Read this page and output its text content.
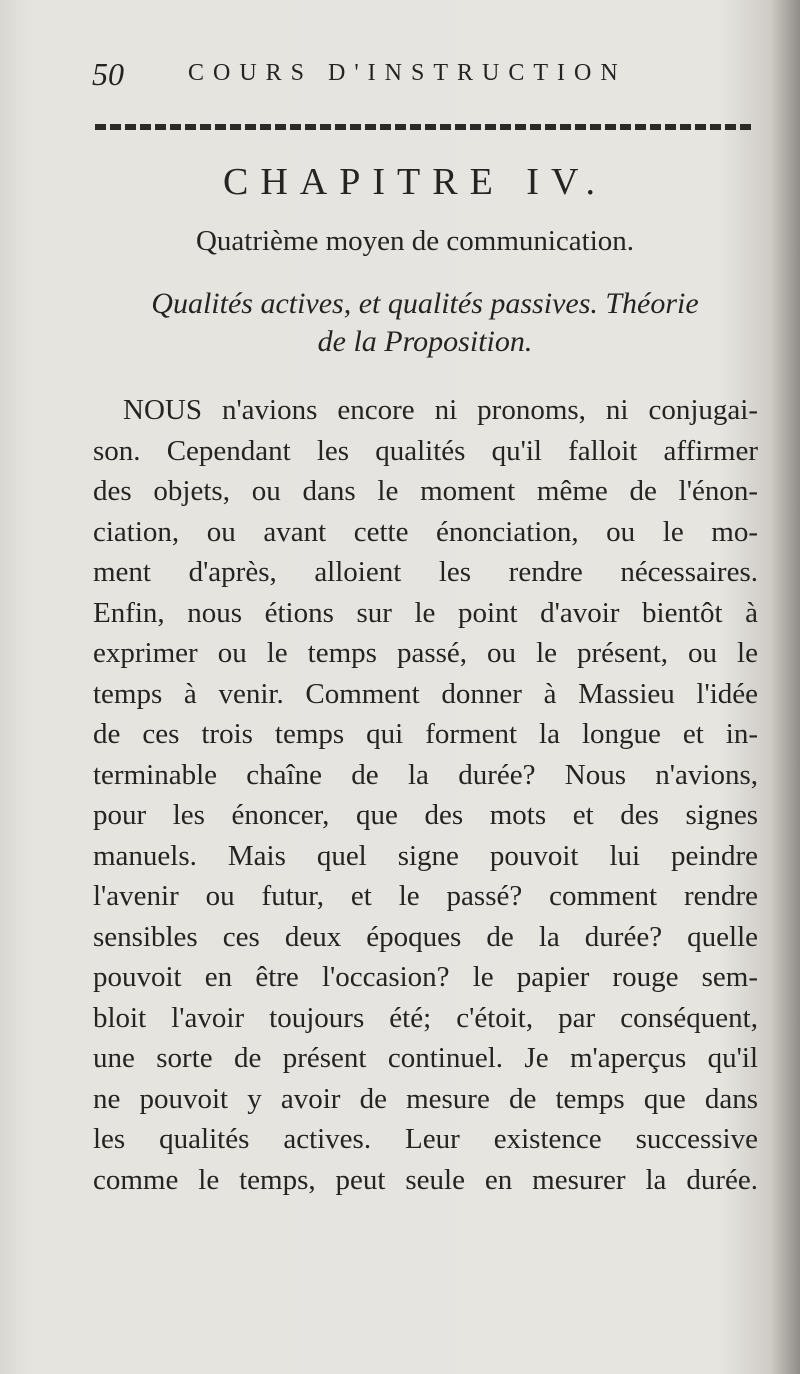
50	COURS D'INSTRUCTION
CHAPITRE IV.
Quatrième moyen de communication.
Qualités actives, et qualités passives. Théorie
de la Proposition.
NOUS n'avions encore ni pronoms, ni conjugai-
son. Cependant les qualités qu'il falloit affirmer
des objets, ou dans le moment même de l'énon-
ciation, ou avant cette énonciation, ou le mo-
ment d'après, alloient les rendre nécessaires.
Enfin, nous étions sur le point d'avoir bientôt à
exprimer ou le temps passé, ou le présent, ou le
temps à venir. Comment donner à Massieu l'idée
de ces trois temps qui forment la longue et in-
terminable chaîne de la durée? Nous n'avions,
pour les énoncer, que des mots et des signes
manuels. Mais quel signe pouvoit lui peindre
l'avenir ou futur, et le passé? comment rendre
sensibles ces deux époques de la durée? quelle
pouvoit en être l'occasion? le papier rouge sem-
bloit l'avoir toujours été; c'étoit, par conséquent,
une sorte de présent continuel. Je m'aperçus qu'il
ne pouvoit y avoir de mesure de temps que dans
les qualités actives. Leur existence successive
comme le temps, peut seule en mesurer la durée.
